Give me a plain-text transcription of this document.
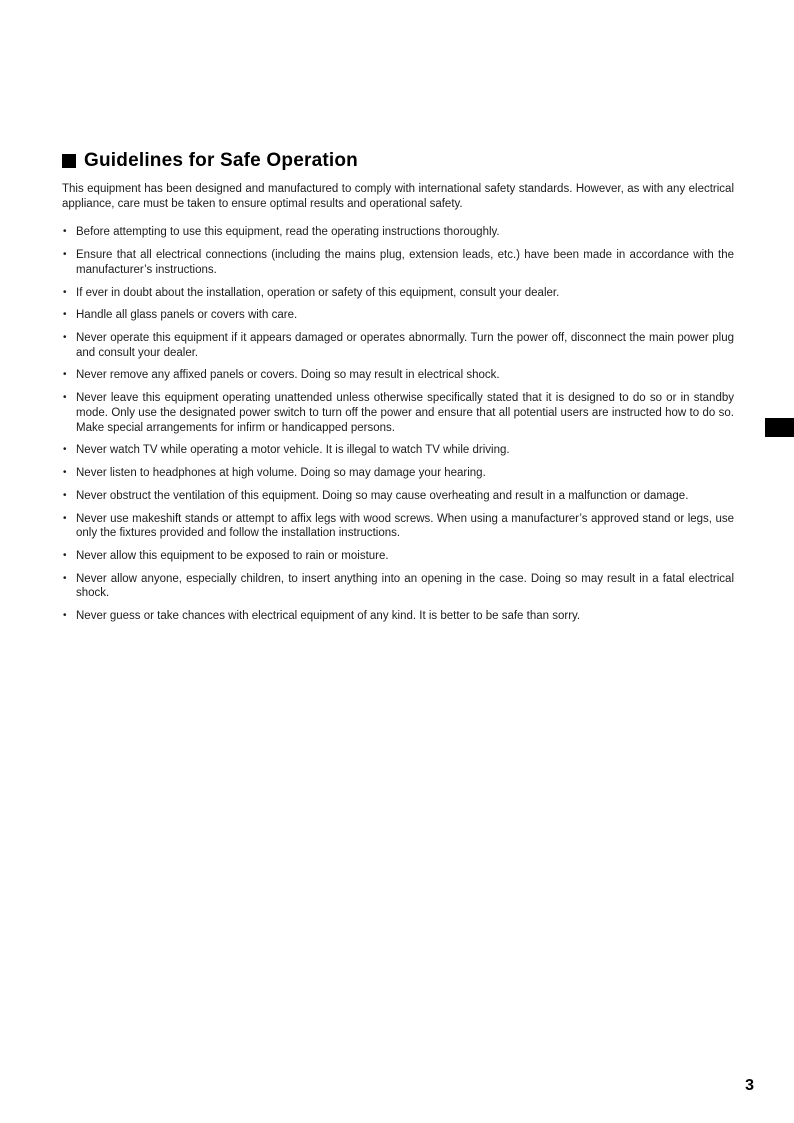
Guidelines for Safe Operation

This equipment has been designed and manufactured to comply with international safety standards. However, as with any electrical appliance, care must be taken to ensure optimal results and operational safety.

• Before attempting to use this equipment, read the operating instructions thoroughly.
• Ensure that all electrical connections (including the mains plug, extension leads, etc.) have been made in accordance with the manufacturer’s instructions.
• If ever in doubt about the installation, operation or safety of this equipment, consult your dealer.
• Handle all glass panels or covers with care.
• Never operate this equipment if it appears damaged or operates abnormally. Turn the power off, disconnect the main power plug and consult your dealer.
• Never remove any affixed panels or covers. Doing so may result in electrical shock.
• Never leave this equipment operating unattended unless otherwise specifically stated that it is designed to do so or in standby mode. Only use the designated power switch to turn off the power and ensure that all potential users are instructed how to do so. Make special arrangements for infirm or handicapped persons.
• Never watch TV while operating a motor vehicle. It is illegal to watch TV while driving.
• Never listen to headphones at high volume. Doing so may damage your hearing.
• Never obstruct the ventilation of this equipment. Doing so may cause overheating and result in a malfunction or damage.
• Never use makeshift stands or attempt to affix legs with wood screws. When using a manufacturer’s approved stand or legs, use only the fixtures provided and follow the installation instructions.
• Never allow this equipment to be exposed to rain or moisture.
• Never allow anyone, especially children, to insert anything into an opening in the case. Doing so may result in a fatal electrical shock.
• Never guess or take chances with electrical equipment of any kind. It is better to be safe than sorry.
3
